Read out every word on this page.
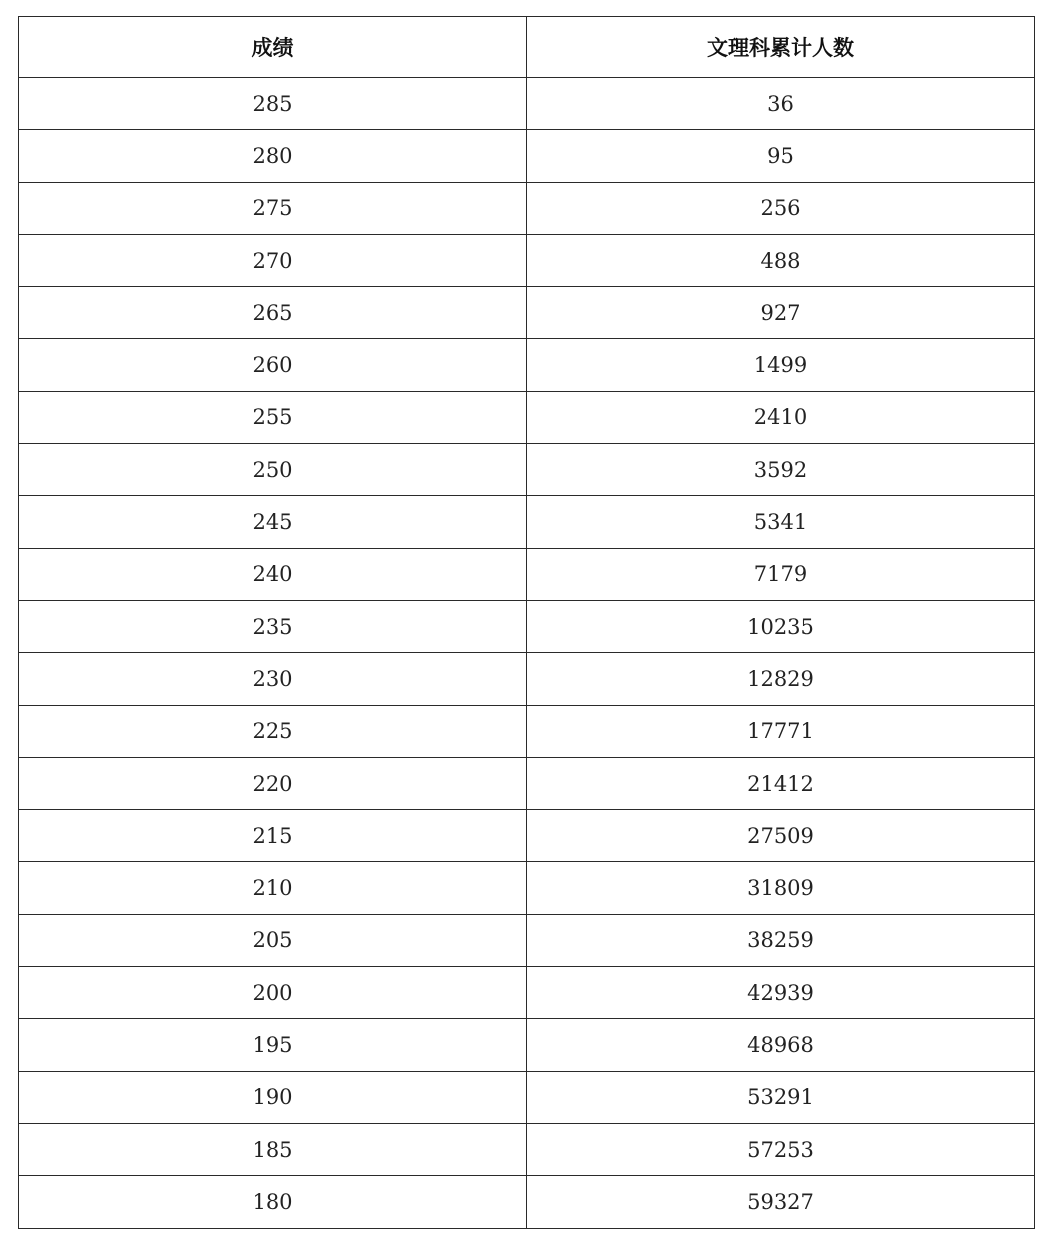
成绩	文理科累计人数
285	36
280	95
275	256
270	488
265	927
260	1499
255	2410
250	3592
245	5341
240	7179
235	10235
230	12829
225	17771
220	21412
215	27509
210	31809
205	38259
200	42939
195	48968
190	53291
185	57253
180	59327
